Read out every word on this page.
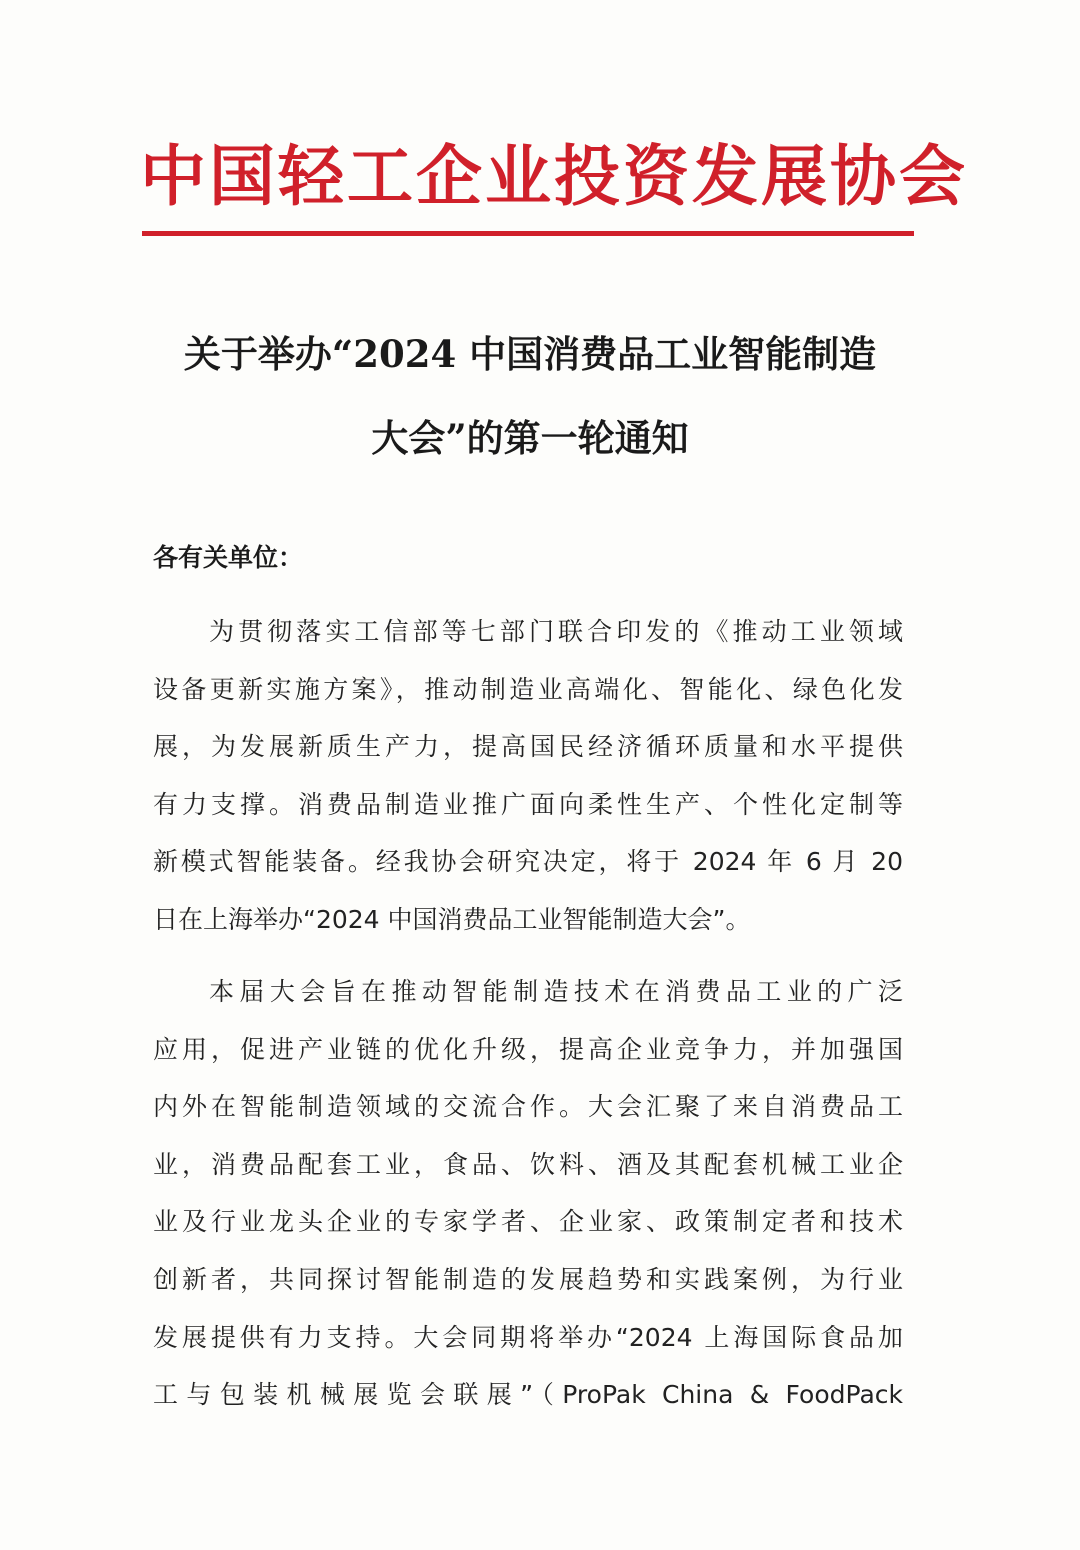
中国轻工企业投资发展协会
关于举办“2024 中国消费品工业智能制造
大会”的第一轮通知
各有关单位：
为贯彻落实工信部等七部门联合印发的《推动工业领域
设备更新实施方案》，推动制造业高端化、智能化、绿色化发
展，为发展新质生产力，提高国民经济循环质量和水平提供
有力支撑。消费品制造业推广面向柔性生产、个性化定制等
新模式智能装备。经我协会研究决定，将于 2024 年 6 月 20
日在上海举办“2024 中国消费品工业智能制造大会”。
本届大会旨在推动智能制造技术在消费品工业的广泛
应用，促进产业链的优化升级，提高企业竞争力，并加强国
内外在智能制造领域的交流合作。大会汇聚了来自消费品工
业，消费品配套工业，食品、饮料、酒及其配套机械工业企
业及行业龙头企业的专家学者、企业家、政策制定者和技术
创新者，共同探讨智能制造的发展趋势和实践案例，为行业
发展提供有力支持。大会同期将举办“2024 上海国际食品加
工与包装机械展览会联展”（ProPak China & FoodPack
